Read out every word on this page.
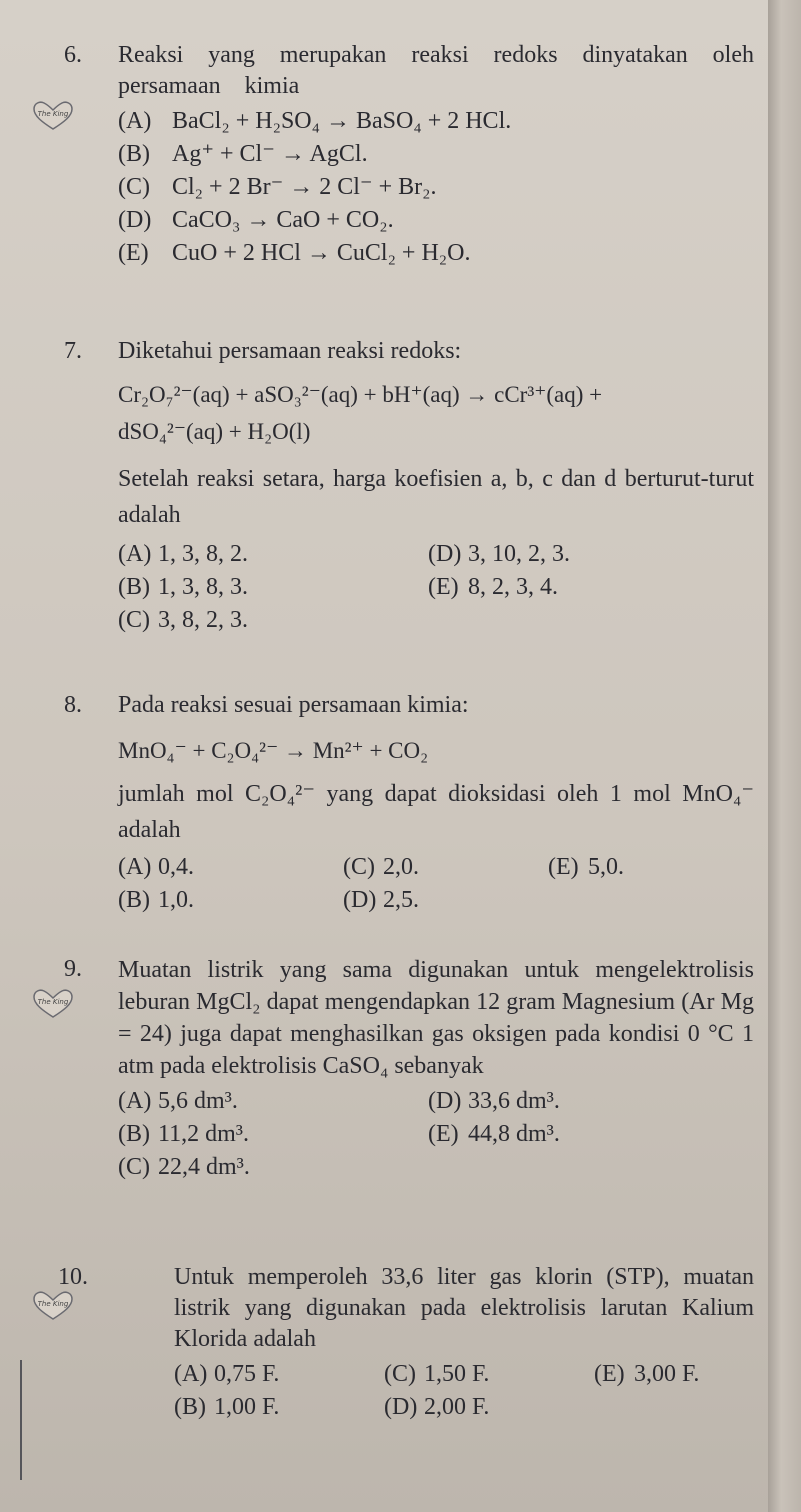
The King
The King
The King
6. Reaksi yang merupakan reaksi redoks dinyatakan oleh persamaan kimia
(A) BaCl₂ + H₂SO₄ → BaSO₄ + 2 HCl.
(B) Ag⁺ + Cl⁻ → AgCl.
(C) Cl₂ + 2 Br⁻ → 2 Cl⁻ + Br₂.
(D) CaCO₃ → CaO + CO₂.
(E) CuO + 2 HCl → CuCl₂ + H₂O.
7. Diketahui persamaan reaksi redoks:
Cr₂O₇²⁻(aq) + aSO₃²⁻(aq) + bH⁺(aq) → cCr³⁺(aq) +
dSO₄²⁻(aq) + H₂O(l)
Setelah reaksi setara, harga koefisien a, b, c dan d berturut-turut adalah
(A) 1, 3, 8, 2.	(D) 3, 10, 2, 3.
(B) 1, 3, 8, 3.	(E) 8, 2, 3, 4.
(C) 3, 8, 2, 3.
8. Pada reaksi sesuai persamaan kimia:
MnO₄⁻ + C₂O₄²⁻ → Mn²⁺ + CO₂
jumlah mol C₂O₄²⁻ yang dapat dioksidasi oleh 1 mol MnO₄⁻ adalah
(A) 0,4.	(C) 2,0.	(E) 5,0.
(B) 1,0.	(D) 2,5.
9. Muatan listrik yang sama digunakan untuk mengelektrolisis leburan MgCl₂ dapat mengendapkan 12 gram Magnesium (Ar Mg = 24) juga dapat menghasilkan gas oksigen pada kondisi 0 °C 1 atm pada elektrolisis CaSO₄ sebanyak
(A) 5,6 dm³.	(D) 33,6 dm³.
(B) 11,2 dm³.	(E) 44,8 dm³.
(C) 22,4 dm³.
10.	Untuk memperoleh 33,6 liter gas klorin (STP), muatan listrik yang digunakan pada elektrolisis larutan Kalium Klorida adalah
(A) 0,75 F.	(C) 1,50 F.	(E) 3,00 F.
(B) 1,00 F.	(D) 2,00 F.
